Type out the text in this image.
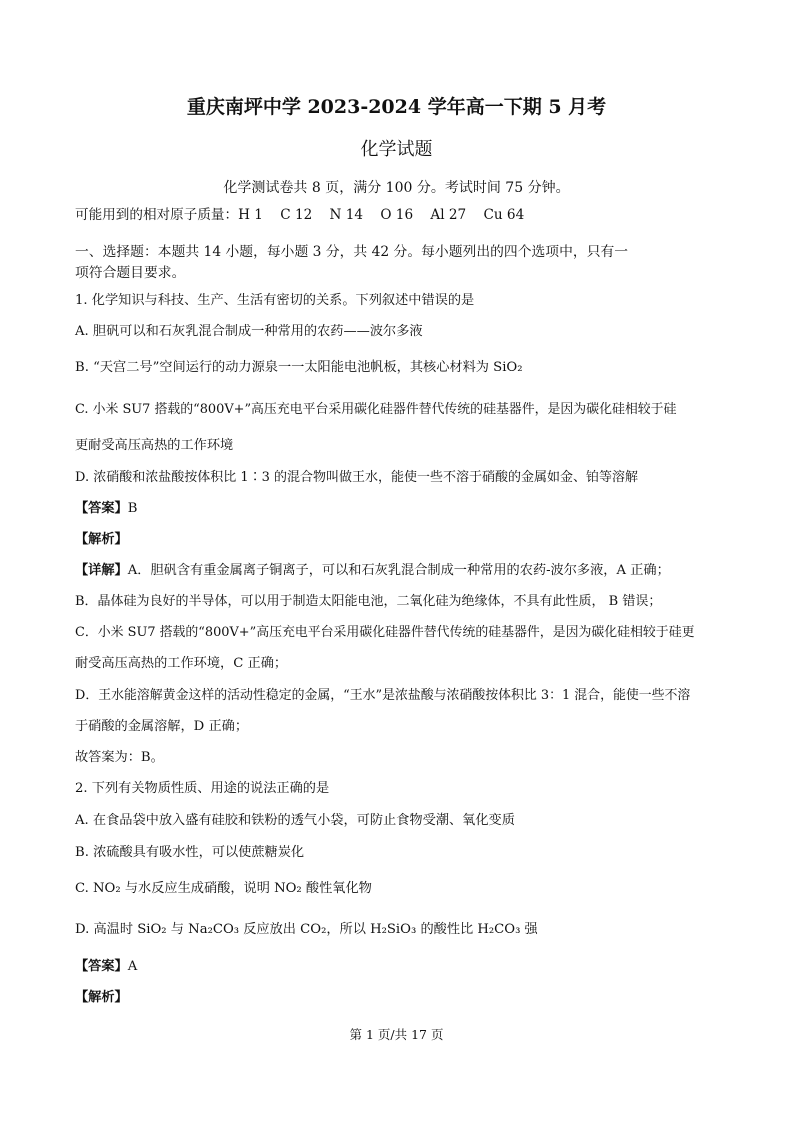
重庆南坪中学 2023-2024 学年高一下期 5 月考
化学试题
化学测试卷共 8 页，满分 100 分。考试时间 75 分钟。
可能用到的相对原子质量：H 1    C 12    N 14    O 16    Al 27    Cu 64
一、选择题：本题共 14 小题，每小题 3 分，共 42 分。每小题列出的四个选项中，只有一
项符合题目要求。
1. 化学知识与科技、生产、生活有密切的关系。下列叙述中错误的是
A. 胆矾可以和石灰乳混合制成一种常用的农药——波尔多液
B. “天宫二号”空间运行的动力源泉一一太阳能电池帆板，其核心材料为 SiO₂
C. 小米 SU7 搭载的“800V+”高压充电平台采用碳化硅器件替代传统的硅基器件，是因为碳化硅相较于硅
更耐受高压高热的工作环境
D. 浓硝酸和浓盐酸按体积比 1∶3 的混合物叫做王水，能使一些不溶于硝酸的金属如金、铂等溶解
【答案】B
【解析】
【详解】A．胆矾含有重金属离子铜离子，可以和石灰乳混合制成一种常用的农药-波尔多液，A 正确；
B．晶体硅为良好的半导体，可以用于制造太阳能电池，二氧化硅为绝缘体，不具有此性质， B 错误；
C．小米 SU7 搭载的“800V+”高压充电平台采用碳化硅器件替代传统的硅基器件，是因为碳化硅相较于硅更
耐受高压高热的工作环境，C 正确；
D．王水能溶解黄金这样的活动性稳定的金属，“王水”是浓盐酸与浓硝酸按体积比 3：1 混合，能使一些不溶
于硝酸的金属溶解，D 正确；
故答案为：B。
2. 下列有关物质性质、用途的说法正确的是
A. 在食品袋中放入盛有硅胶和铁粉的透气小袋，可防止食物受潮、氧化变质
B. 浓硫酸具有吸水性，可以使蔗糖炭化
C. NO₂ 与水反应生成硝酸，说明 NO₂ 酸性氧化物
D. 高温时 SiO₂ 与 Na₂CO₃ 反应放出 CO₂，所以 H₂SiO₃ 的酸性比 H₂CO₃ 强
【答案】A
【解析】
第 1 页/共 17 页
